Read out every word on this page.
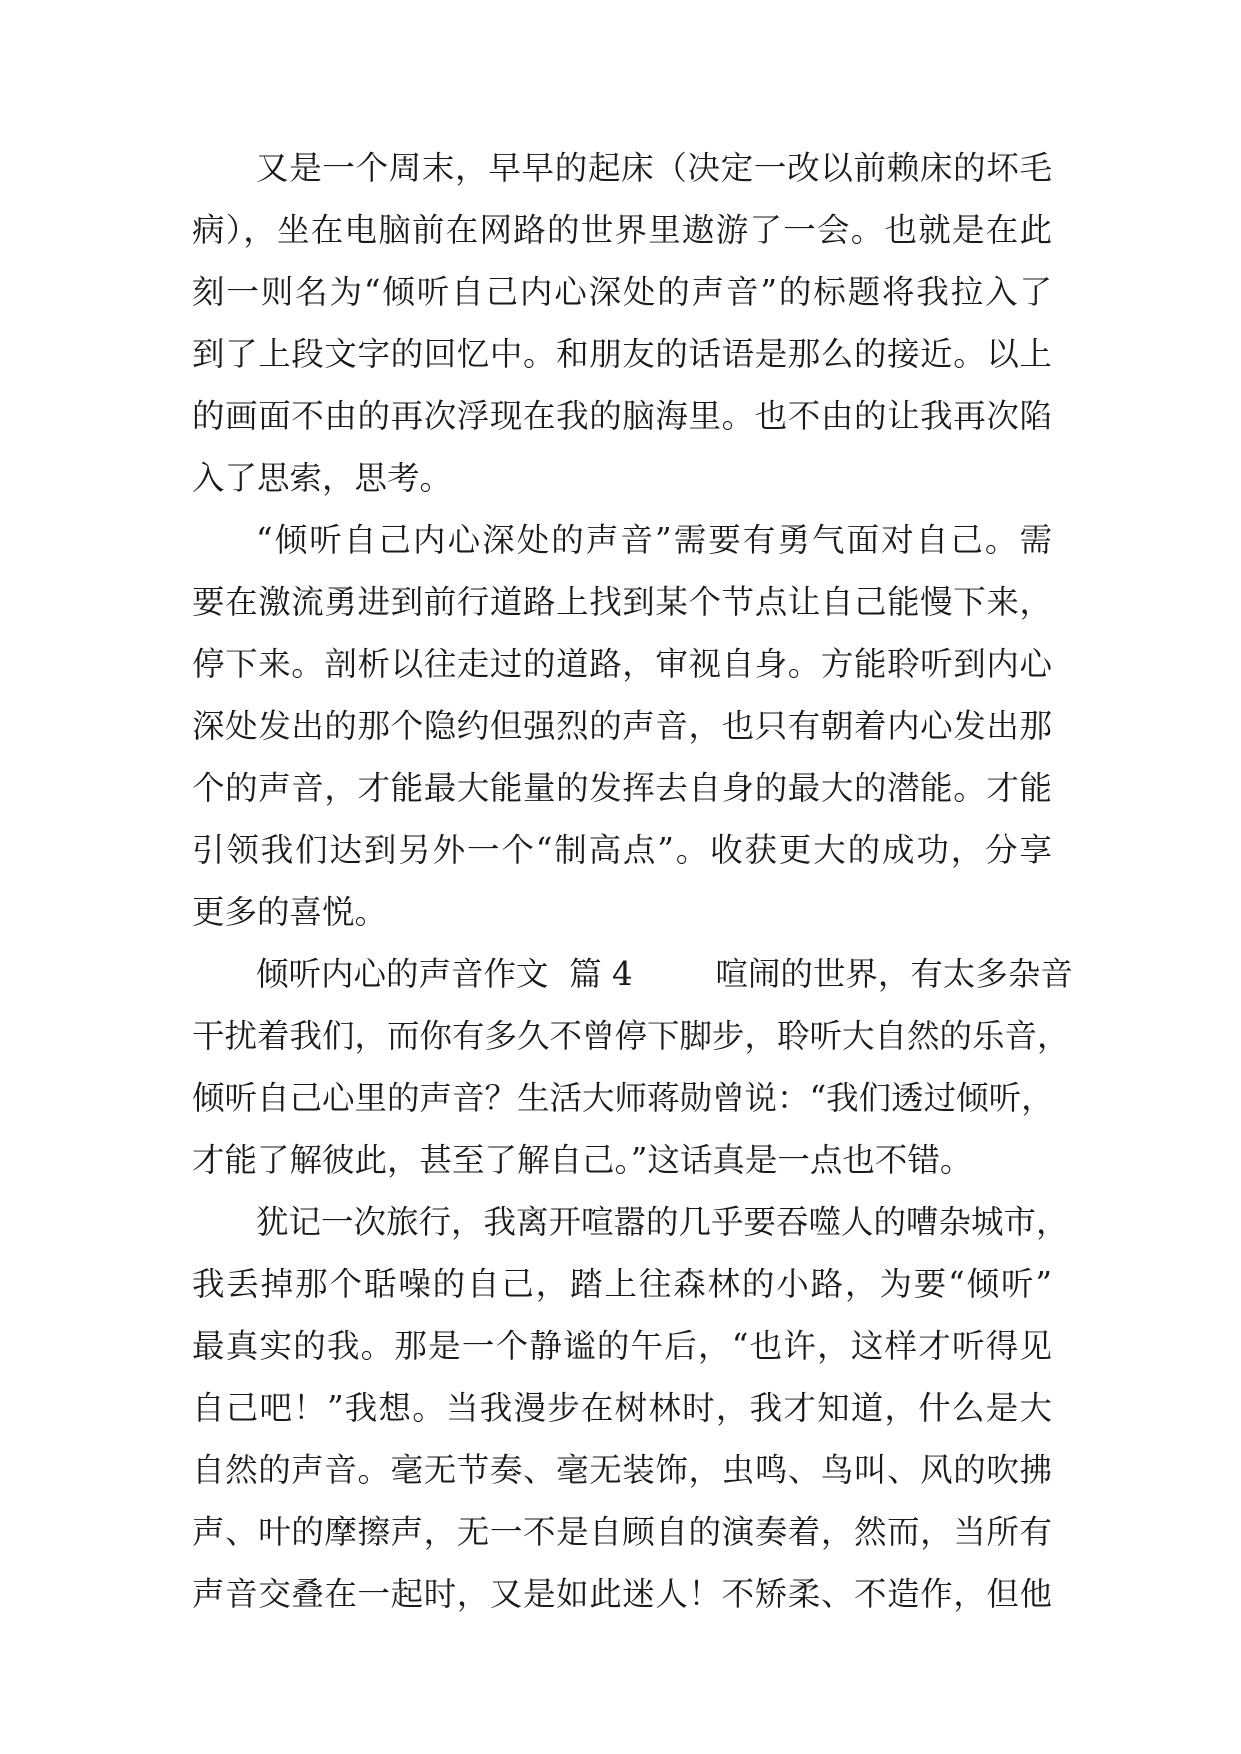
又是一个周末，早早的起床（决定一改以前赖床的坏毛
病），坐在电脑前在网路的世界里遨游了一会。也就是在此
刻一则名为“倾听自己内心深处的声音”的标题将我拉入了
到了上段文字的回忆中。和朋友的话语是那么的接近。以上
的画面不由的再次浮现在我的脑海里。也不由的让我再次陷
入了思索，思考。
“倾听自己内心深处的声音”需要有勇气面对自己。需
要在激流勇进到前行道路上找到某个节点让自己能慢下来，
停下来。剖析以往走过的道路，审视自身。方能聆听到内心
深处发出的那个隐约但强烈的声音，也只有朝着内心发出那
个的声音，才能最大能量的发挥去自身的最大的潜能。才能
引领我们达到另外一个“制高点”。收获更大的成功，分享
更多的喜悦。
倾听内心的声音作文  篇 4        喧闹的世界，有太多杂音
干扰着我们，而你有多久不曾停下脚步，聆听大自然的乐音，
倾听自己心里的声音？生活大师蒋勋曾说：“我们透过倾听，
才能了解彼此，甚至了解自己。”这话真是一点也不错。
犹记一次旅行，我离开喧嚣的几乎要吞噬人的嘈杂城市，
我丢掉那个聒噪的自己，踏上往森林的小路，为要“倾听”
最真实的我。那是一个静谧的午后，“也许，这样才听得见
自己吧！”我想。当我漫步在树林时，我才知道，什么是大
自然的声音。毫无节奏、毫无装饰，虫鸣、鸟叫、风的吹拂
声、叶的摩擦声，无一不是自顾自的演奏着，然而，当所有
声音交叠在一起时，又是如此迷人！不矫柔、不造作，但他
